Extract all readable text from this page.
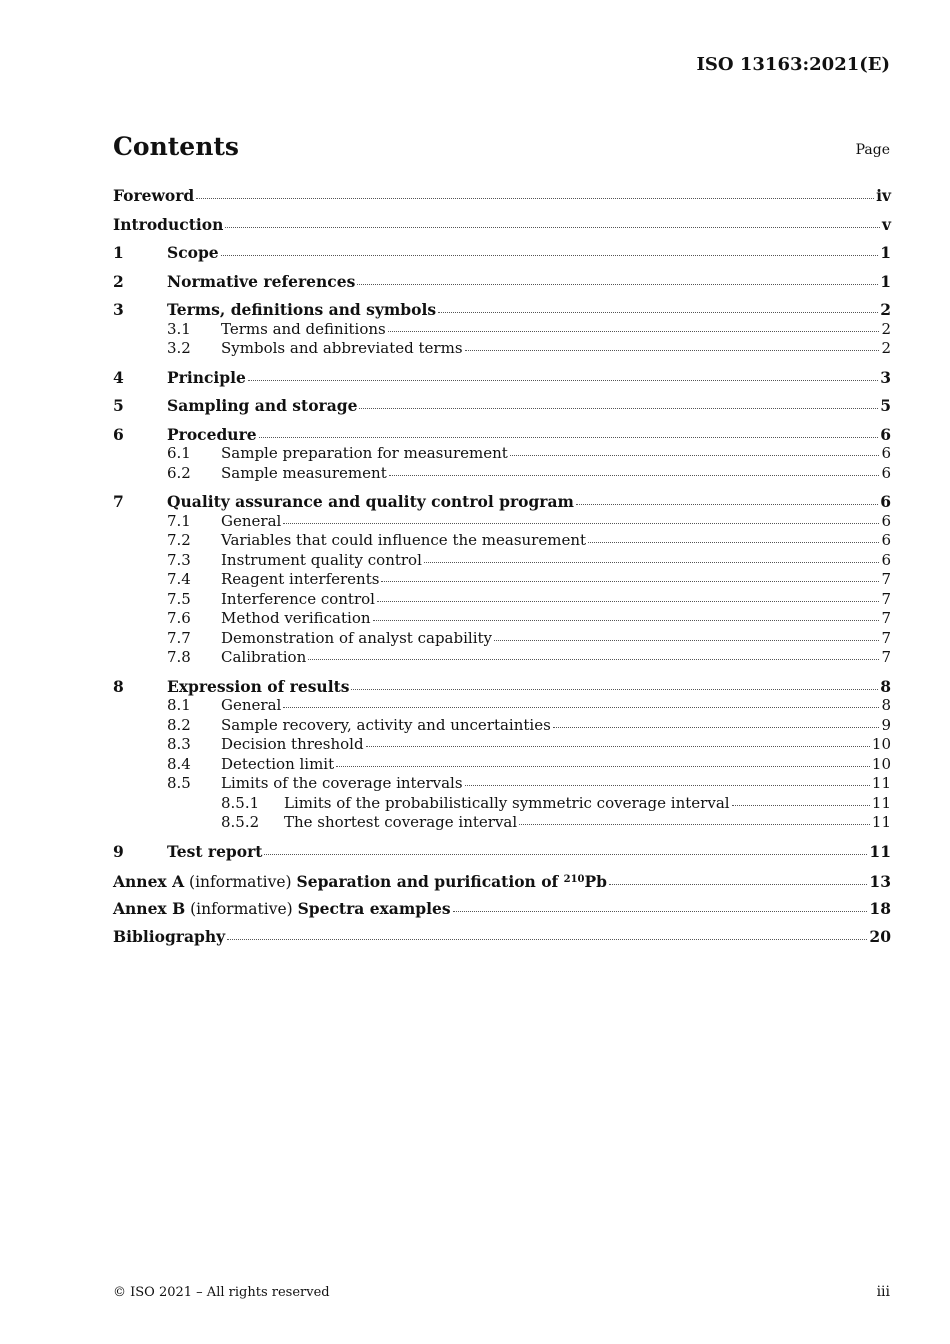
ISO 13163:2021(E)
Contents	Page
Foreword	iv
Introduction	v
1	Scope	1
2	Normative references	1
3	Terms, definitions and symbols	2
3.1	Terms and definitions	2
3.2	Symbols and abbreviated terms	2
4	Principle	3
5	Sampling and storage	5
6	Procedure	6
6.1	Sample preparation for measurement	6
6.2	Sample measurement	6
7	Quality assurance and quality control program	6
7.1	General	6
7.2	Variables that could influence the measurement	6
7.3	Instrument quality control	6
7.4	Reagent interferents	7
7.5	Interference control	7
7.6	Method verification	7
7.7	Demonstration of analyst capability	7
7.8	Calibration	7
8	Expression of results	8
8.1	General	8
8.2	Sample recovery, activity and uncertainties	9
8.3	Decision threshold	10
8.4	Detection limit	10
8.5	Limits of the coverage intervals	11
8.5.1	Limits of the probabilistically symmetric coverage interval	11
8.5.2	The shortest coverage interval	11
9	Test report	11
Annex A (informative) Separation and purification of $^{210}$Pb	13
Annex B (informative) Spectra examples	18
Bibliography	20
© ISO 2021 – All rights reserved	iii
